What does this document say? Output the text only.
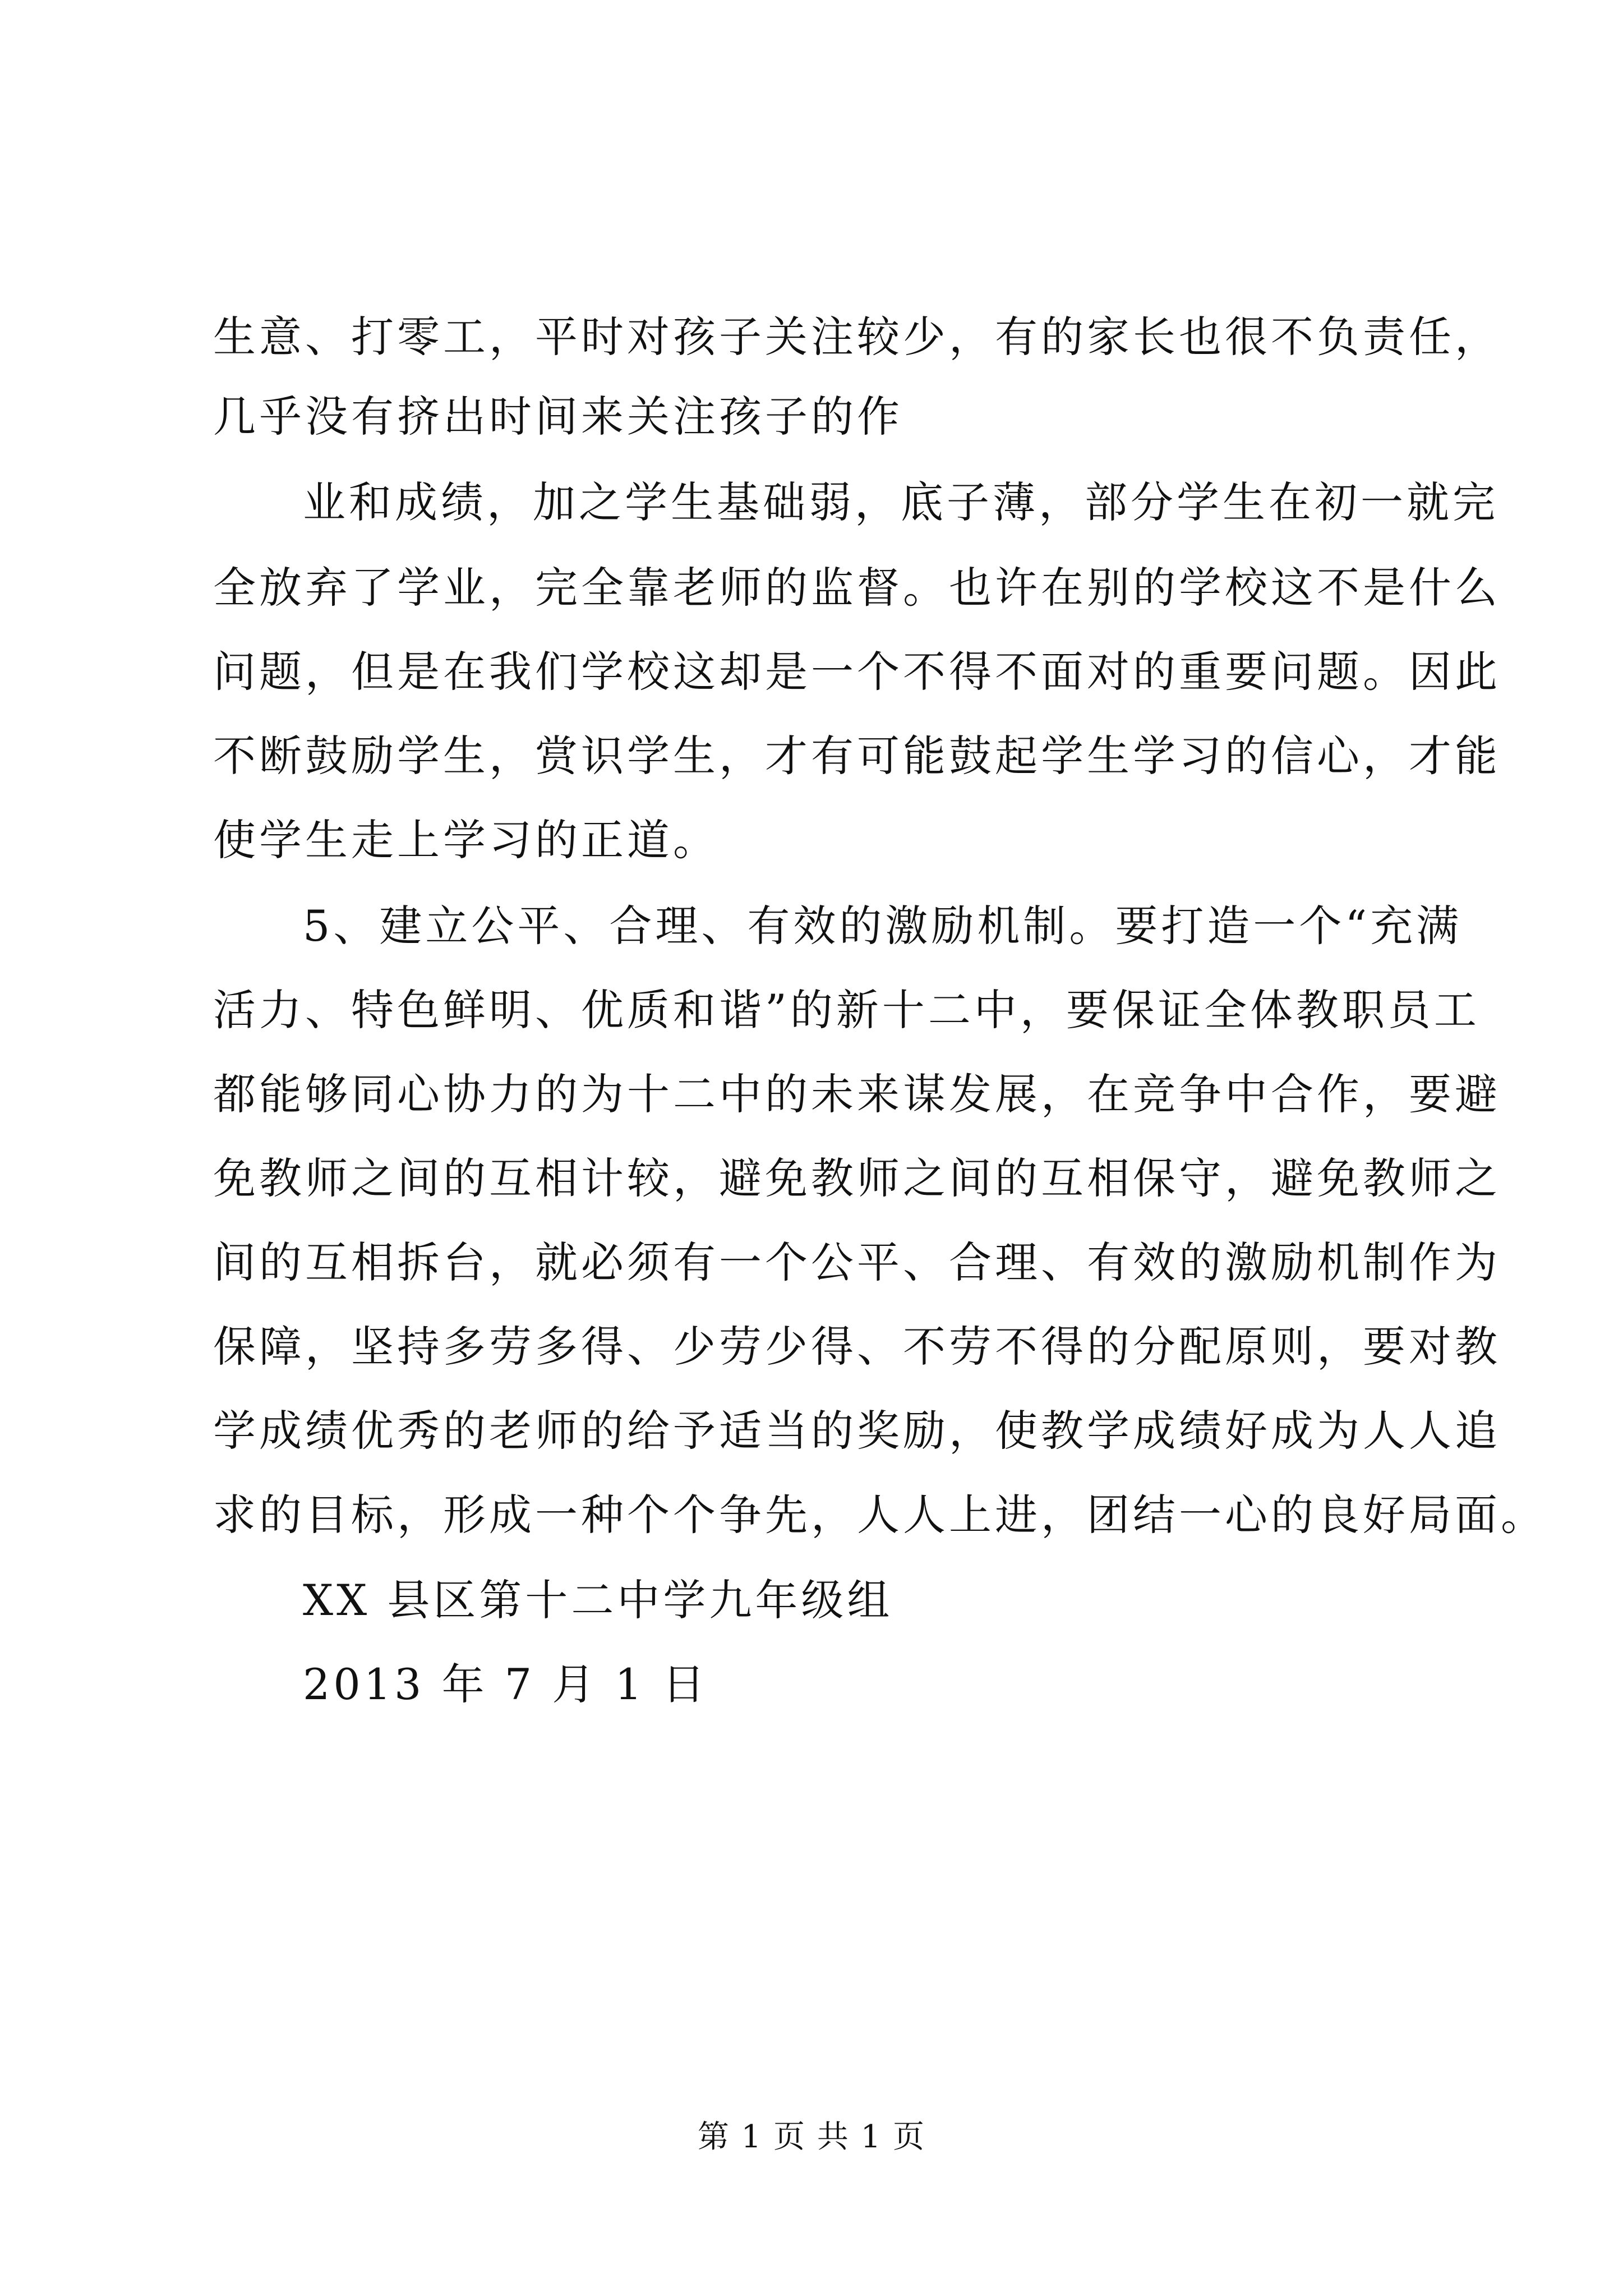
生意、打零工，平时对孩子关注较少，有的家长也很不负责任，
几乎没有挤出时间来关注孩子的作
业和成绩，加之学生基础弱，底子薄，部分学生在初一就完
全放弃了学业，完全靠老师的监督。也许在别的学校这不是什么
问题，但是在我们学校这却是一个不得不面对的重要问题。因此
不断鼓励学生，赏识学生，才有可能鼓起学生学习的信心，才能
使学生走上学习的正道。
5、建立公平、合理、有效的激励机制。要打造一个“充满
活力、特色鲜明、优质和谐”的新十二中，要保证全体教职员工
都能够同心协力的为十二中的未来谋发展，在竞争中合作，要避
免教师之间的互相计较，避免教师之间的互相保守，避免教师之
间的互相拆台，就必须有一个公平、合理、有效的激励机制作为
保障，坚持多劳多得、少劳少得、不劳不得的分配原则，要对教
学成绩优秀的老师的给予适当的奖励，使教学成绩好成为人人追
求的目标，形成一种个个争先，人人上进，团结一心的良好局面。
XX 县区第十二中学九年级组
2013 年 7 月 1 日
第 1 页 共 1 页
